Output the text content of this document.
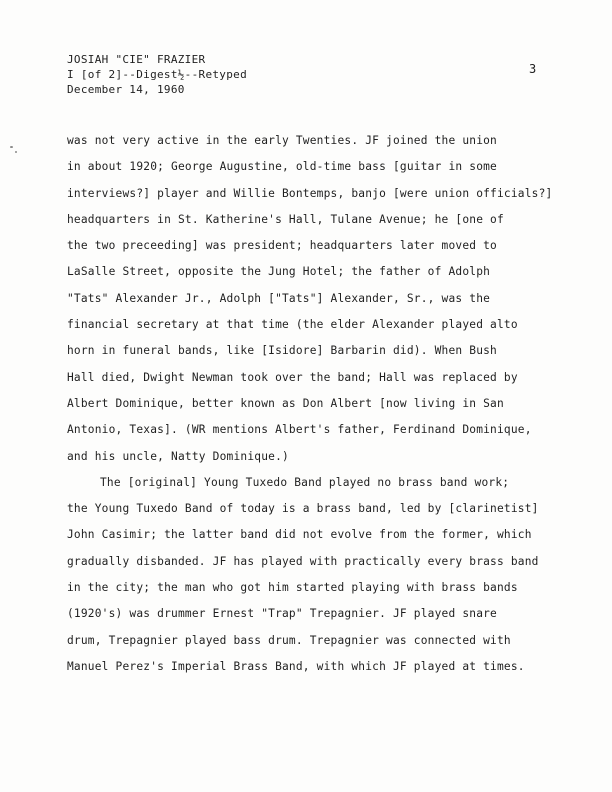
JOSIAH "CIE" FRAZIER
I [of 2]--Digest½--Retyped
December 14, 1960
3
was not very active in the early Twenties. JF joined the union
in about 1920; George Augustine, old-time bass [guitar in some
interviews?] player and Willie Bontemps, banjo [were union officials?]
headquarters in St. Katherine's Hall, Tulane Avenue; he [one of
the two preceeding] was president; headquarters later moved to
LaSalle Street, opposite the Jung Hotel; the father of Adolph
"Tats" Alexander Jr., Adolph ["Tats"] Alexander, Sr., was the
financial secretary at that time (the elder Alexander played alto
horn in funeral bands, like [Isidore] Barbarin did). When Bush
Hall died, Dwight Newman took over the band; Hall was replaced by
Albert Dominique, better known as Don Albert [now living in San
Antonio, Texas]. (WR mentions Albert's father, Ferdinand Dominique,
and his uncle, Natty Dominique.)
The [original] Young Tuxedo Band played no brass band work;
the Young Tuxedo Band of today is a brass band, led by [clarinetist]
John Casimir; the latter band did not evolve from the former, which
gradually disbanded. JF has played with practically every brass band
in the city; the man who got him started playing with brass bands
(1920's) was drummer Ernest "Trap" Trepagnier. JF played snare
drum, Trepagnier played bass drum. Trepagnier was connected with
Manuel Perez's Imperial Brass Band, with which JF played at times.
